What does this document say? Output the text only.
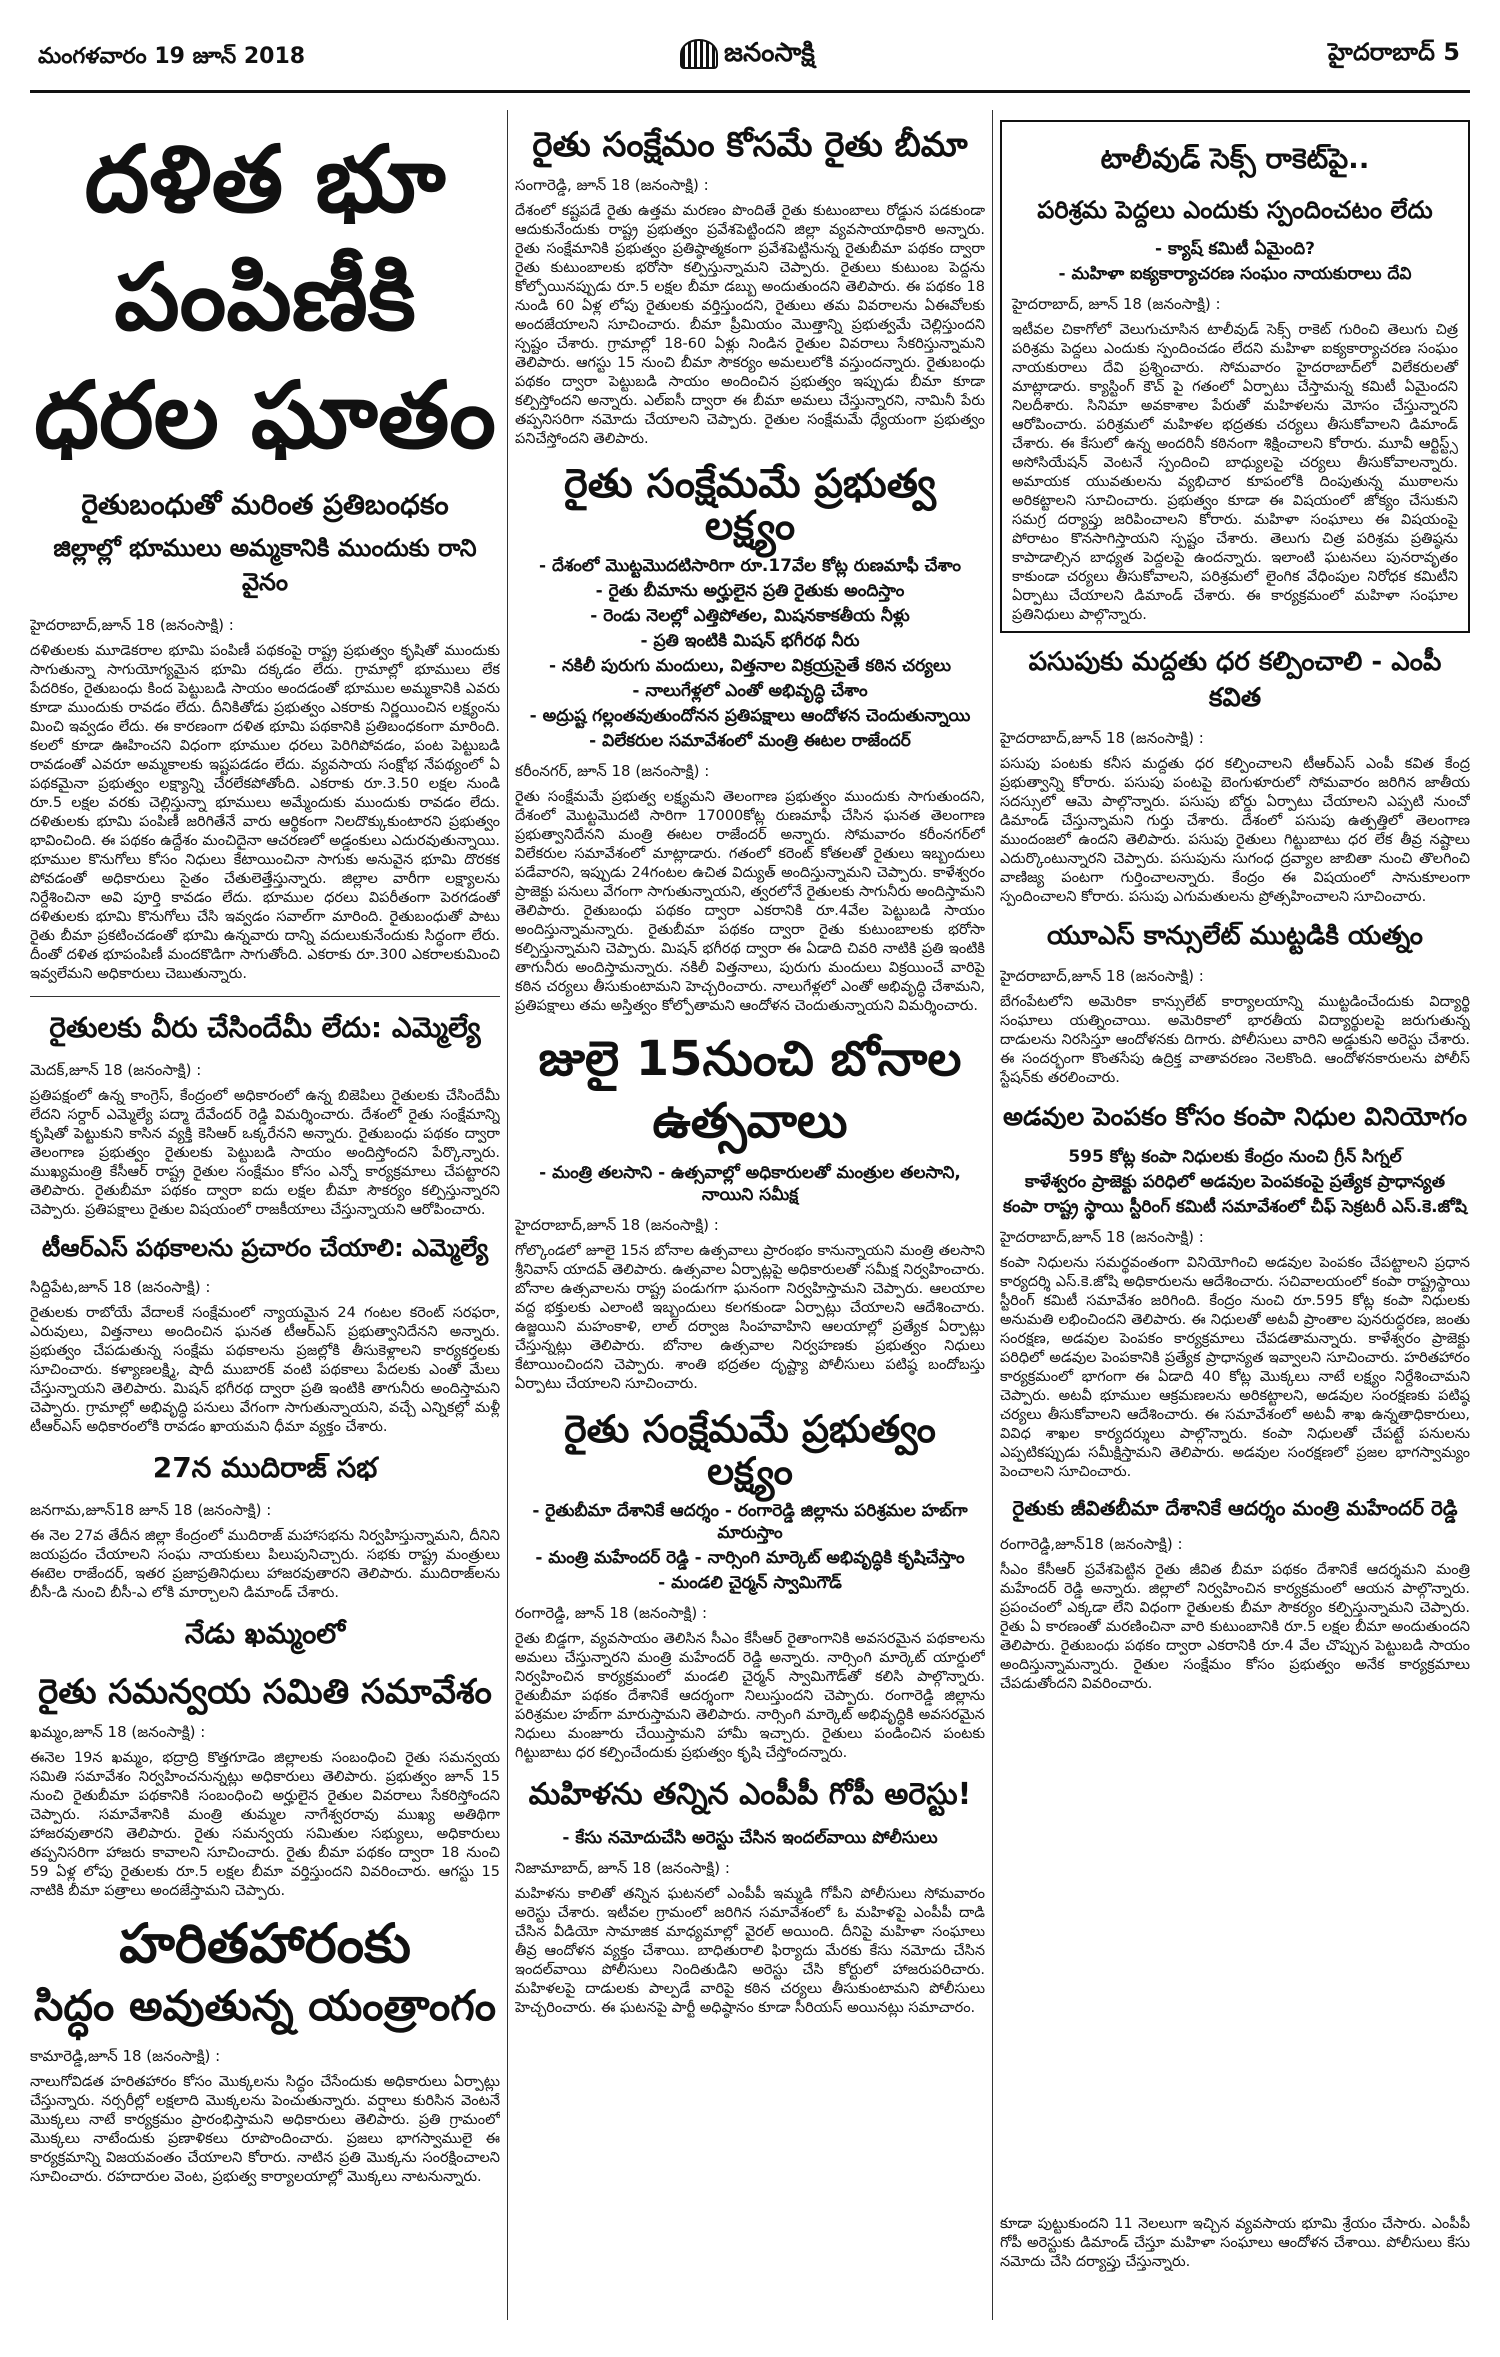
మంగళవారం 19 జూన్ 2018	జనంసాక్షి	హైదరాబాద్ 5
దళిత భూ పంపిణీకి
ధరల ఘాతం
రైతుబంధుతో మరింత ప్రతిబంధకం
జిల్లాల్లో భూములు అమ్మకానికి ముందుకు రాని వైనం
హైదరాబాద్,జూన్ 18 (జనంసాక్షి) :

దళితులకు మూడెకరాల భూమి పంపిణీ పథకంపై రాష్ట్ర ప్రభుత్వం కృషితో ముందుకు సాగుతున్నా సాగుయోగ్యమైన భూమి దక్కడం లేదు. గ్రామాల్లో భూములు లేక పేదరికం, రైతుబంధు కింద పెట్టుబడి సాయం అందడంతో భూముల అమ్మకానికి ఎవరు కూడా ముందుకు రావడం లేదు. దీనికితోడు ప్రభుత్వం ఎకరాకు నిర్ణయించిన లక్ష్యంను మించి ఇవ్వడం లేదు. ఈ కారణంగా దళిత భూమి పథకానికి ప్రతిబంధకంగా మారింది. కలలో కూడా ఊహించని విధంగా భూముల ధరలు పెరిగిపోవడం, పంట పెట్టుబడి రావడంతో ఎవరూ అమ్మకాలకు ఇష్టపడడం లేదు. వ్యవసాయ సంక్షోభ నేపథ్యంలో ఏ పథకమైనా ప్రభుత్వం లక్ష్యాన్ని చేరలేకపోతోంది. ఎకరాకు రూ.3.50 లక్షల నుండి రూ.5 లక్షల వరకు చెల్లిస్తున్నా భూములు అమ్మేందుకు ముందుకు రావడం లేదు. దళితులకు భూమి పంపిణీ జరిగితేనే వారు ఆర్థికంగా నిలదొక్కుకుంటారని ప్రభుత్వం భావించింది. ఈ పథకం ఉద్దేశం మంచిదైనా ఆచరణలో అడ్డంకులు ఎదురవుతున్నాయి. భూముల కొనుగోలు కోసం నిధులు కేటాయించినా సాగుకు అనువైన భూమి దొరకక పోవడంతో అధికారులు సైతం చేతులెత్తేస్తున్నారు. జిల్లాల వారీగా లక్ష్యాలను నిర్దేశించినా అవి పూర్తి కావడం లేదు. భూముల ధరలు విపరీతంగా పెరగడంతో దళితులకు భూమి కొనుగోలు చేసి ఇవ్వడం సవాల్‌గా మారింది. రైతుబంధుతో పాటు రైతు బీమా ప్రకటించడంతో భూమి ఉన్నవారు దాన్ని వదులుకునేందుకు సిద్ధంగా లేరు. దీంతో దళిత భూపంపిణీ మందకొడిగా సాగుతోంది. ఎకరాకు రూ.300 ఎకరాలకుమించి ఇవ్వలేమని అధికారులు చెబుతున్నారు.

రైతులకు వీరు చేసిందేమీ లేదు: ఎమ్మెల్యే
మెదక్,జూన్ 18 (జనంసాక్షి) :

ప్రతిపక్షంలో ఉన్న కాంగ్రెస్, కేంద్రంలో అధికారంలో ఉన్న బిజెపిలు రైతులకు చేసిందేమీ లేదని సర్దార్ ఎమ్మెల్యే పద్మా దేవేందర్ రెడ్డి విమర్శించారు. దేశంలో రైతు సంక్షేమాన్ని కృషితో పెట్టుకుని కాసిన వ్యక్తి కెసిఆర్ ఒక్కరేనని అన్నారు. రైతుబంధు పథకం ద్వారా తెలంగాణ ప్రభుత్వం రైతులకు పెట్టుబడి సాయం అందిస్తోందని పేర్కొన్నారు. ముఖ్యమంత్రి కేసీఆర్ రాష్ట్ర రైతుల సంక్షేమం కోసం ఎన్నో కార్యక్రమాలు చేపట్టారని తెలిపారు. రైతుబీమా పథకం ద్వారా ఐదు లక్షల బీమా సౌకర్యం కల్పిస్తున్నారని చెప్పారు. ప్రతిపక్షాలు రైతుల విషయంలో రాజకీయాలు చేస్తున్నాయని ఆరోపించారు.

టీఆర్ఎస్ పథకాలను ప్రచారం చేయాలి: ఎమ్మెల్యే
సిద్దిపేట,జూన్ 18 (జనంసాక్షి) :

రైతులకు రాబోయే వేదాలకే సంక్షేమంలో న్యాయమైన 24 గంటల కరెంట్ సరఫరా, ఎరువులు, విత్తనాలు అందించిన ఘనత టీఆర్ఎస్ ప్రభుత్వానిదేనని అన్నారు. ప్రభుత్వం చేపడుతున్న సంక్షేమ పథకాలను ప్రజల్లోకి తీసుకెళ్లాలని కార్యకర్తలకు సూచించారు. కళ్యాణలక్ష్మి, షాదీ ముబారక్ వంటి పథకాలు పేదలకు ఎంతో మేలు చేస్తున్నాయని తెలిపారు. మిషన్ భగీరథ ద్వారా ప్రతి ఇంటికి తాగునీరు అందిస్తామని చెప్పారు. గ్రామాల్లో అభివృద్ధి పనులు వేగంగా సాగుతున్నాయని, వచ్చే ఎన్నికల్లో మళ్లీ టీఆర్ఎస్ అధికారంలోకి రావడం ఖాయమని ధీమా వ్యక్తం చేశారు.

27న ముదిరాజ్ సభ
జనగామ,జూన్18 జూన్ 18 (జనంసాక్షి) :

ఈ నెల 27వ తేదీన జిల్లా కేంద్రంలో ముదిరాజ్ మహాసభను నిర్వహిస్తున్నామని, దీనిని జయప్రదం చేయాలని సంఘ నాయకులు పిలుపునిచ్చారు. సభకు రాష్ట్ర మంత్రులు ఈటెల రాజేందర్, ఇతర ప్రజాప్రతినిధులు హాజరవుతారని తెలిపారు. ముదిరాజ్‌లను బీసీ-డి నుంచి బీసీ-ఎ లోకి మార్చాలని డిమాండ్ చేశారు.

నేడు ఖమ్మంలో
రైతు సమన్వయ సమితి సమావేశం
ఖమ్మం,జూన్ 18 (జనంసాక్షి) :

ఈనెల 19న ఖమ్మం, భద్రాద్రి కొత్తగూడెం జిల్లాలకు సంబంధించి రైతు సమన్వయ సమితి సమావేశం నిర్వహించనున్నట్లు అధికారులు తెలిపారు. ప్రభుత్వం జూన్ 15 నుంచి రైతుబీమా పథకానికి సంబంధించి అర్హులైన రైతుల వివరాలు సేకరిస్తోందని చెప్పారు. సమావేశానికి మంత్రి తుమ్మల నాగేశ్వరరావు ముఖ్య అతిథిగా హాజరవుతారని తెలిపారు. రైతు సమన్వయ సమితుల సభ్యులు, అధికారులు తప్పనిసరిగా హాజరు కావాలని సూచించారు. రైతు బీమా పథకం ద్వారా 18 నుంచి 59 ఏళ్ల లోపు రైతులకు రూ.5 లక్షల బీమా వర్తిస్తుందని వివరించారు. ఆగస్టు 15 నాటికి బీమా పత్రాలు అందజేస్తామని చెప్పారు.

హరితహారంకు
సిద్ధం అవుతున్న యంత్రాంగం
కామారెడ్డి,జూన్ 18 (జనంసాక్షి) :

నాలుగోవిడత హరితహారం కోసం మొక్కలను సిద్ధం చేసేందుకు అధికారులు ఏర్పాట్లు చేస్తున్నారు. నర్సరీల్లో లక్షలాది మొక్కలను పెంచుతున్నారు. వర్షాలు కురిసిన వెంటనే మొక్కలు నాటే కార్యక్రమం ప్రారంభిస్తామని అధికారులు తెలిపారు. ప్రతి గ్రామంలో మొక్కలు నాటేందుకు ప్రణాళికలు రూపొందించారు. ప్రజలు భాగస్వాములై ఈ కార్యక్రమాన్ని విజయవంతం చేయాలని కోరారు. నాటిన ప్రతి మొక్కను సంరక్షించాలని సూచించారు. రహదారుల వెంట, ప్రభుత్వ కార్యాలయాల్లో మొక్కలు నాటనున్నారు.

రైతు సంక్షేమం కోసమే రైతు బీమా
సంగారెడ్డి, జూన్ 18 (జనంసాక్షి) :

దేశంలో కష్టపడే రైతు ఉత్తమ మరణం పొందితే రైతు కుటుంబాలు రోడ్డున పడకుండా ఆదుకునేందుకు రాష్ట్ర ప్రభుత్వం ప్రవేశపెట్టిందని జిల్లా వ్యవసాయాధికారి అన్నారు. రైతు సంక్షేమానికి ప్రభుత్వం ప్రతిష్ఠాత్మకంగా ప్రవేశపెట్టినున్న రైతుబీమా పథకం ద్వారా రైతు కుటుంబాలకు భరోసా కల్పిస్తున్నామని చెప్పారు. రైతులు కుటుంబ పెద్దను కోల్పోయినప్పుడు రూ.5 లక్షల బీమా డబ్బు అందుతుందని తెలిపారు. ఈ పథకం 18 నుండి 60 ఏళ్ల లోపు రైతులకు వర్తిస్తుందని, రైతులు తమ వివరాలను ఏఈవోలకు అందజేయాలని సూచించారు. బీమా ప్రీమియం మొత్తాన్ని ప్రభుత్వమే చెల్లిస్తుందని స్పష్టం చేశారు. గ్రామాల్లో 18-60 ఏళ్లు నిండిన రైతుల వివరాలు సేకరిస్తున్నామని తెలిపారు. ఆగస్టు 15 నుంచి బీమా సౌకర్యం అమలులోకి వస్తుందన్నారు. రైతుబంధు పథకం ద్వారా పెట్టుబడి సాయం అందించిన ప్రభుత్వం ఇప్పుడు బీమా కూడా కల్పిస్తోందని అన్నారు. ఎల్ఐసీ ద్వారా ఈ బీమా అమలు చేస్తున్నారని, నామినీ పేరు తప్పనిసరిగా నమోదు చేయాలని చెప్పారు. రైతుల సంక్షేమమే ధ్యేయంగా ప్రభుత్వం పనిచేస్తోందని తెలిపారు.

రైతు సంక్షేమమే ప్రభుత్వ లక్ష్యం
- దేశంలో మొట్టమొదటిసారిగా రూ.17వేల కోట్ల రుణమాఫీ చేశాం
- రైతు బీమాను అర్హులైన ప్రతి రైతుకు అందిస్తాం
- రెండు నెలల్లో ఎత్తిపోతల, మిషనకాకతీయ నీళ్లు
- ప్రతి ఇంటికి మిషన్ భగీరథ నీరు
- నకిలీ పురుగు మందులు, విత్తనాల విక్రయ్రసైతే కఠిన చర్యలు
- నాలుగేళ్లలో ఎంతో అభివృద్ధి చేశాం
- అద్రుష్ట గల్లంతవుతుందోనన ప్రతిపక్షాలు ఆందోళన చెందుతున్నాయి
- విలేకరుల సమావేశంలో మంత్రి ఈటల రాజేందర్
కరీంనగర్, జూన్ 18 (జనంసాక్షి) :

రైతు సంక్షేమమే ప్రభుత్వ లక్ష్యమని తెలంగాణ ప్రభుత్వం ముందుకు సాగుతుందని, దేశంలో మొట్టమొదటి సారిగా 17000కోట్ల రుణమాఫీ చేసిన ఘనత తెలంగాణ ప్రభుత్వానిదేనని మంత్రి ఈటల రాజేందర్ అన్నారు. సోమవారం కరీంనగర్‌లో విలేకరుల సమావేశంలో మాట్లాడారు. గతంలో కరెంట్ కోతలతో రైతులు ఇబ్బందులు పడేవారని, ఇప్పుడు 24గంటల ఉచిత విద్యుత్ అందిస్తున్నామని చెప్పారు. కాళేశ్వరం ప్రాజెక్టు పనులు వేగంగా సాగుతున్నాయని, త్వరలోనే రైతులకు సాగునీరు అందిస్తామని తెలిపారు. రైతుబంధు పథకం ద్వారా ఎకరానికి రూ.4వేల పెట్టుబడి సాయం అందిస్తున్నామన్నారు. రైతుబీమా పథకం ద్వారా రైతు కుటుంబాలకు భరోసా కల్పిస్తున్నామని చెప్పారు. మిషన్ భగీరథ ద్వారా ఈ ఏడాది చివరి నాటికి ప్రతి ఇంటికి తాగునీరు అందిస్తామన్నారు. నకిలీ విత్తనాలు, పురుగు మందులు విక్రయించే వారిపై కఠిన చర్యలు తీసుకుంటామని హెచ్చరించారు. నాలుగేళ్లలో ఎంతో అభివృద్ధి చేశామని, ప్రతిపక్షాలు తమ అస్తిత్వం కోల్పోతామని ఆందోళన చెందుతున్నాయని విమర్శించారు.

జులై 15నుంచి బోనాల ఉత్సవాలు
- మంత్రి తలసాని - ఉత్సవాల్లో అధికారులతో మంత్రుల తలసాని, నాయిని సమీక్ష
హైదరాబాద్,జూన్ 18 (జనంసాక్షి) :

గోల్కొండలో జూలై 15న బోనాల ఉత్సవాలు ప్రారంభం కానున్నాయని మంత్రి తలసాని శ్రీనివాస్ యాదవ్ తెలిపారు. ఉత్సవాల ఏర్పాట్లపై అధికారులతో సమీక్ష నిర్వహించారు. బోనాల ఉత్సవాలను రాష్ట్ర పండుగగా ఘనంగా నిర్వహిస్తామని చెప్పారు. ఆలయాల వద్ద భక్తులకు ఎలాంటి ఇబ్బందులు కలగకుండా ఏర్పాట్లు చేయాలని ఆదేశించారు. ఉజ్జయిని మహంకాళి, లాల్ దర్వాజ సింహవాహిని ఆలయాల్లో ప్రత్యేక ఏర్పాట్లు చేస్తున్నట్లు తెలిపారు. బోనాల ఉత్సవాల నిర్వహణకు ప్రభుత్వం నిధులు కేటాయించిందని చెప్పారు. శాంతి భద్రతల దృష్ట్యా పోలీసులు పటిష్ఠ బందోబస్తు ఏర్పాటు చేయాలని సూచించారు.

రైతు సంక్షేమమే ప్రభుత్వం లక్ష్యం
- రైతుబీమా దేశానికే ఆదర్శం - రంగారెడ్డి జిల్లాను పరిశ్రమల హబ్‌గా మారుస్తాం
- మంత్రి మహేందర్ రెడ్డి - నార్సింగి మార్కెట్ అభివృద్ధికి కృషిచేస్తాం
- మండలి చైర్మన్ స్వామిగౌడ్
రంగారెడ్డి, జూన్ 18 (జనంసాక్షి) :

రైతు బిడ్డగా, వ్యవసాయం తెలిసిన సీఎం కేసీఆర్ రైతాంగానికి అవసరమైన పథకాలను అమలు చేస్తున్నారని మంత్రి మహేందర్ రెడ్డి అన్నారు. నార్సింగి మార్కెట్ యార్డులో నిర్వహించిన కార్యక్రమంలో మండలి చైర్మన్ స్వామిగౌడ్‌తో కలిసి పాల్గొన్నారు. రైతుబీమా పథకం దేశానికే ఆదర్శంగా నిలుస్తుందని చెప్పారు. రంగారెడ్డి జిల్లాను పరిశ్రమల హబ్‌గా మారుస్తామని తెలిపారు. నార్సింగి మార్కెట్ అభివృద్ధికి అవసరమైన నిధులు మంజూరు చేయిస్తామని హామీ ఇచ్చారు. రైతులు పండించిన పంటకు గిట్టుబాటు ధర కల్పించేందుకు ప్రభుత్వం కృషి చేస్తోందన్నారు.

మహిళను తన్నిన ఎంపీపీ గోపీ అరెస్టు!
- కేసు నమోదుచేసి అరెస్టు చేసిన ఇందల్‌వాయి పోలీసులు
నిజామాబాద్, జూన్ 18 (జనంసాక్షి) :

మహిళను కాలితో తన్నిన ఘటనలో ఎంపీపీ ఇమ్మడి గోపీని పోలీసులు సోమవారం అరెస్టు చేశారు. ఇటీవల గ్రామంలో జరిగిన సమావేశంలో ఓ మహిళపై ఎంపీపీ దాడి చేసిన వీడియో సామాజిక మాధ్యమాల్లో వైరల్ అయింది. దీనిపై మహిళా సంఘాలు తీవ్ర ఆందోళన వ్యక్తం చేశాయి. బాధితురాలి ఫిర్యాదు మేరకు కేసు నమోదు చేసిన ఇందల్‌వాయి పోలీసులు నిందితుడిని అరెస్టు చేసి కోర్టులో హాజరుపరిచారు. మహిళలపై దాడులకు పాల్పడే వారిపై కఠిన చర్యలు తీసుకుంటామని పోలీసులు హెచ్చరించారు. ఈ ఘటనపై పార్టీ అధిష్ఠానం కూడా సీరియస్ అయినట్లు సమాచారం.

టాలీవుడ్ సెక్స్ రాకెట్‌పై..
పరిశ్రమ పెద్దలు ఎందుకు స్పందించటం లేదు
- క్యాష్ కమిటీ ఏమైంది?
- మహిళా ఐక్యకార్యాచరణ సంఘం నాయకురాలు దేవి
హైదరాబాద్, జూన్ 18 (జనంసాక్షి) :

ఇటీవల చికాగోలో వెలుగుచూసిన టాలీవుడ్ సెక్స్ రాకెట్ గురించి తెలుగు చిత్ర పరిశ్రమ పెద్దలు ఎందుకు స్పందించడం లేదని మహిళా ఐక్యకార్యాచరణ సంఘం నాయకురాలు దేవి ప్రశ్నించారు. సోమవారం హైదరాబాద్‌లో విలేకరులతో మాట్లాడారు. క్యాస్టింగ్ కౌచ్ పై గతంలో ఏర్పాటు చేస్తామన్న కమిటీ ఏమైందని నిలదీశారు. సినిమా అవకాశాల పేరుతో మహిళలను మోసం చేస్తున్నారని ఆరోపించారు. పరిశ్రమలో మహిళల భద్రతకు చర్యలు తీసుకోవాలని డిమాండ్ చేశారు. ఈ కేసులో ఉన్న అందరినీ కఠినంగా శిక్షించాలని కోరారు. మూవీ ఆర్టిస్ట్స్ అసోసియేషన్ వెంటనే స్పందించి బాధ్యులపై చర్యలు తీసుకోవాలన్నారు. అమాయక యువతులను వ్యభిచార కూపంలోకి దింపుతున్న ముఠాలను అరికట్టాలని సూచించారు. ప్రభుత్వం కూడా ఈ విషయంలో జోక్యం చేసుకుని సమగ్ర దర్యాప్తు జరిపించాలని కోరారు. మహిళా సంఘాలు ఈ విషయంపై పోరాటం కొనసాగిస్తాయని స్పష్టం చేశారు. తెలుగు చిత్ర పరిశ్రమ ప్రతిష్ఠను కాపాడాల్సిన బాధ్యత పెద్దలపై ఉందన్నారు. ఇలాంటి ఘటనలు పునరావృతం కాకుండా చర్యలు తీసుకోవాలని, పరిశ్రమలో లైంగిక వేధింపుల నిరోధక కమిటీని ఏర్పాటు చేయాలని డిమాండ్ చేశారు. ఈ కార్యక్రమంలో మహిళా సంఘాల ప్రతినిధులు పాల్గొన్నారు.

పసుపుకు మద్దతు ధర కల్పించాలి - ఎంపీ కవిత
హైదరాబాద్,జూన్ 18 (జనంసాక్షి) :

పసుపు పంటకు కనీస మద్దతు ధర కల్పించాలని టీఆర్ఎస్ ఎంపీ కవిత కేంద్ర ప్రభుత్వాన్ని కోరారు. పసుపు పంటపై బెంగుళూరులో సోమవారం జరిగిన జాతీయ సదస్సులో ఆమె పాల్గొన్నారు. పసుపు బోర్డు ఏర్పాటు చేయాలని ఎప్పటి నుంచో డిమాండ్ చేస్తున్నామని గుర్తు చేశారు. దేశంలో పసుపు ఉత్పత్తిలో తెలంగాణ ముందంజలో ఉందని తెలిపారు. పసుపు రైతులు గిట్టుబాటు ధర లేక తీవ్ర నష్టాలు ఎదుర్కొంటున్నారని చెప్పారు. పసుపును సుగంధ ద్రవ్యాల జాబితా నుంచి తొలగించి వాణిజ్య పంటగా గుర్తించాలన్నారు. కేంద్రం ఈ విషయంలో సానుకూలంగా స్పందించాలని కోరారు. పసుపు ఎగుమతులను ప్రోత్సహించాలని సూచించారు.

యూఎస్ కాన్సులేట్ ముట్టడికి యత్నం
హైదరాబాద్,జూన్ 18 (జనంసాక్షి) :

బేగంపేటలోని అమెరికా కాన్సులేట్ కార్యాలయాన్ని ముట్టడించేందుకు విద్యార్థి సంఘాలు యత్నించాయి. అమెరికాలో భారతీయ విద్యార్థులపై జరుగుతున్న దాడులను నిరసిస్తూ ఆందోళనకు దిగారు. పోలీసులు వారిని అడ్డుకుని అరెస్టు చేశారు. ఈ సందర్భంగా కొంతసేపు ఉద్రిక్త వాతావరణం నెలకొంది. ఆందోళనకారులను పోలీస్ స్టేషన్‌కు తరలించారు.

అడవుల పెంపకం కోసం కంపా నిధుల వినియోగం
595 కోట్ల కంపా నిధులకు కేంద్రం నుంచి గ్రీన్ సిగ్నల్
కాళేశ్వరం ప్రాజెక్టు పరిధిలో అడవుల పెంపకంపై ప్రత్యేక ప్రాధాన్యత
కంపా రాష్ట్ర స్థాయి స్టీరింగ్ కమిటీ సమావేశంలో చీఫ్ సెక్రటరీ ఎస్.కె.జోషి
హైదరాబాద్,జూన్ 18 (జనంసాక్షి) :

కంపా నిధులను సమర్థవంతంగా వినియోగించి అడవుల పెంపకం చేపట్టాలని ప్రధాన కార్యదర్శి ఎస్.కె.జోషి అధికారులను ఆదేశించారు. సచివాలయంలో కంపా రాష్ట్రస్థాయి స్టీరింగ్ కమిటీ సమావేశం జరిగింది. కేంద్రం నుంచి రూ.595 కోట్ల కంపా నిధులకు అనుమతి లభించిందని తెలిపారు. ఈ నిధులతో అటవీ ప్రాంతాల పునరుద్ధరణ, జంతు సంరక్షణ, అడవుల పెంపకం కార్యక్రమాలు చేపడతామన్నారు. కాళేశ్వరం ప్రాజెక్టు పరిధిలో అడవుల పెంపకానికి ప్రత్యేక ప్రాధాన్యత ఇవ్వాలని సూచించారు. హరితహారం కార్యక్రమంలో భాగంగా ఈ ఏడాది 40 కోట్ల మొక్కలు నాటే లక్ష్యం నిర్దేశించామని చెప్పారు. అటవీ భూముల ఆక్రమణలను అరికట్టాలని, అడవుల సంరక్షణకు పటిష్ఠ చర్యలు తీసుకోవాలని ఆదేశించారు. ఈ సమావేశంలో అటవీ శాఖ ఉన్నతాధికారులు, వివిధ శాఖల కార్యదర్శులు పాల్గొన్నారు. కంపా నిధులతో చేపట్టే పనులను ఎప్పటికప్పుడు సమీక్షిస్తామని తెలిపారు. అడవుల సంరక్షణలో ప్రజల భాగస్వామ్యం పెంచాలని సూచించారు.

రైతుకు జీవితబీమా దేశానికే ఆదర్శం మంత్రి మహేందర్ రెడ్డి
రంగారెడ్డి,జూన్18 (జనంసాక్షి) :

సీఎం కేసీఆర్ ప్రవేశపెట్టిన రైతు జీవిత బీమా పథకం దేశానికే ఆదర్శమని మంత్రి మహేందర్ రెడ్డి అన్నారు. జిల్లాలో నిర్వహించిన కార్యక్రమంలో ఆయన పాల్గొన్నారు. ప్రపంచంలో ఎక్కడా లేని విధంగా రైతులకు బీమా సౌకర్యం కల్పిస్తున్నామని చెప్పారు. రైతు ఏ కారణంతో మరణించినా వారి కుటుంబానికి రూ.5 లక్షల బీమా అందుతుందని తెలిపారు. రైతుబంధు పథకం ద్వారా ఎకరానికి రూ.4 వేల చొప్పున పెట్టుబడి సాయం అందిస్తున్నామన్నారు. రైతుల సంక్షేమం కోసం ప్రభుత్వం అనేక కార్యక్రమాలు చేపడుతోందని వివరించారు.

కూడా పుట్టుకుందని 11 నెలలుగా ఇచ్చిన వ్యవసాయ భూమి శ్రేయం చేసారు. ఎంపీపీ గోపీ అరెస్టుకు డిమాండ్ చేస్తూ మహిళా సంఘాలు ఆందోళన చేశాయి. పోలీసులు కేసు నమోదు చేసి దర్యాప్తు చేస్తున్నారు.
